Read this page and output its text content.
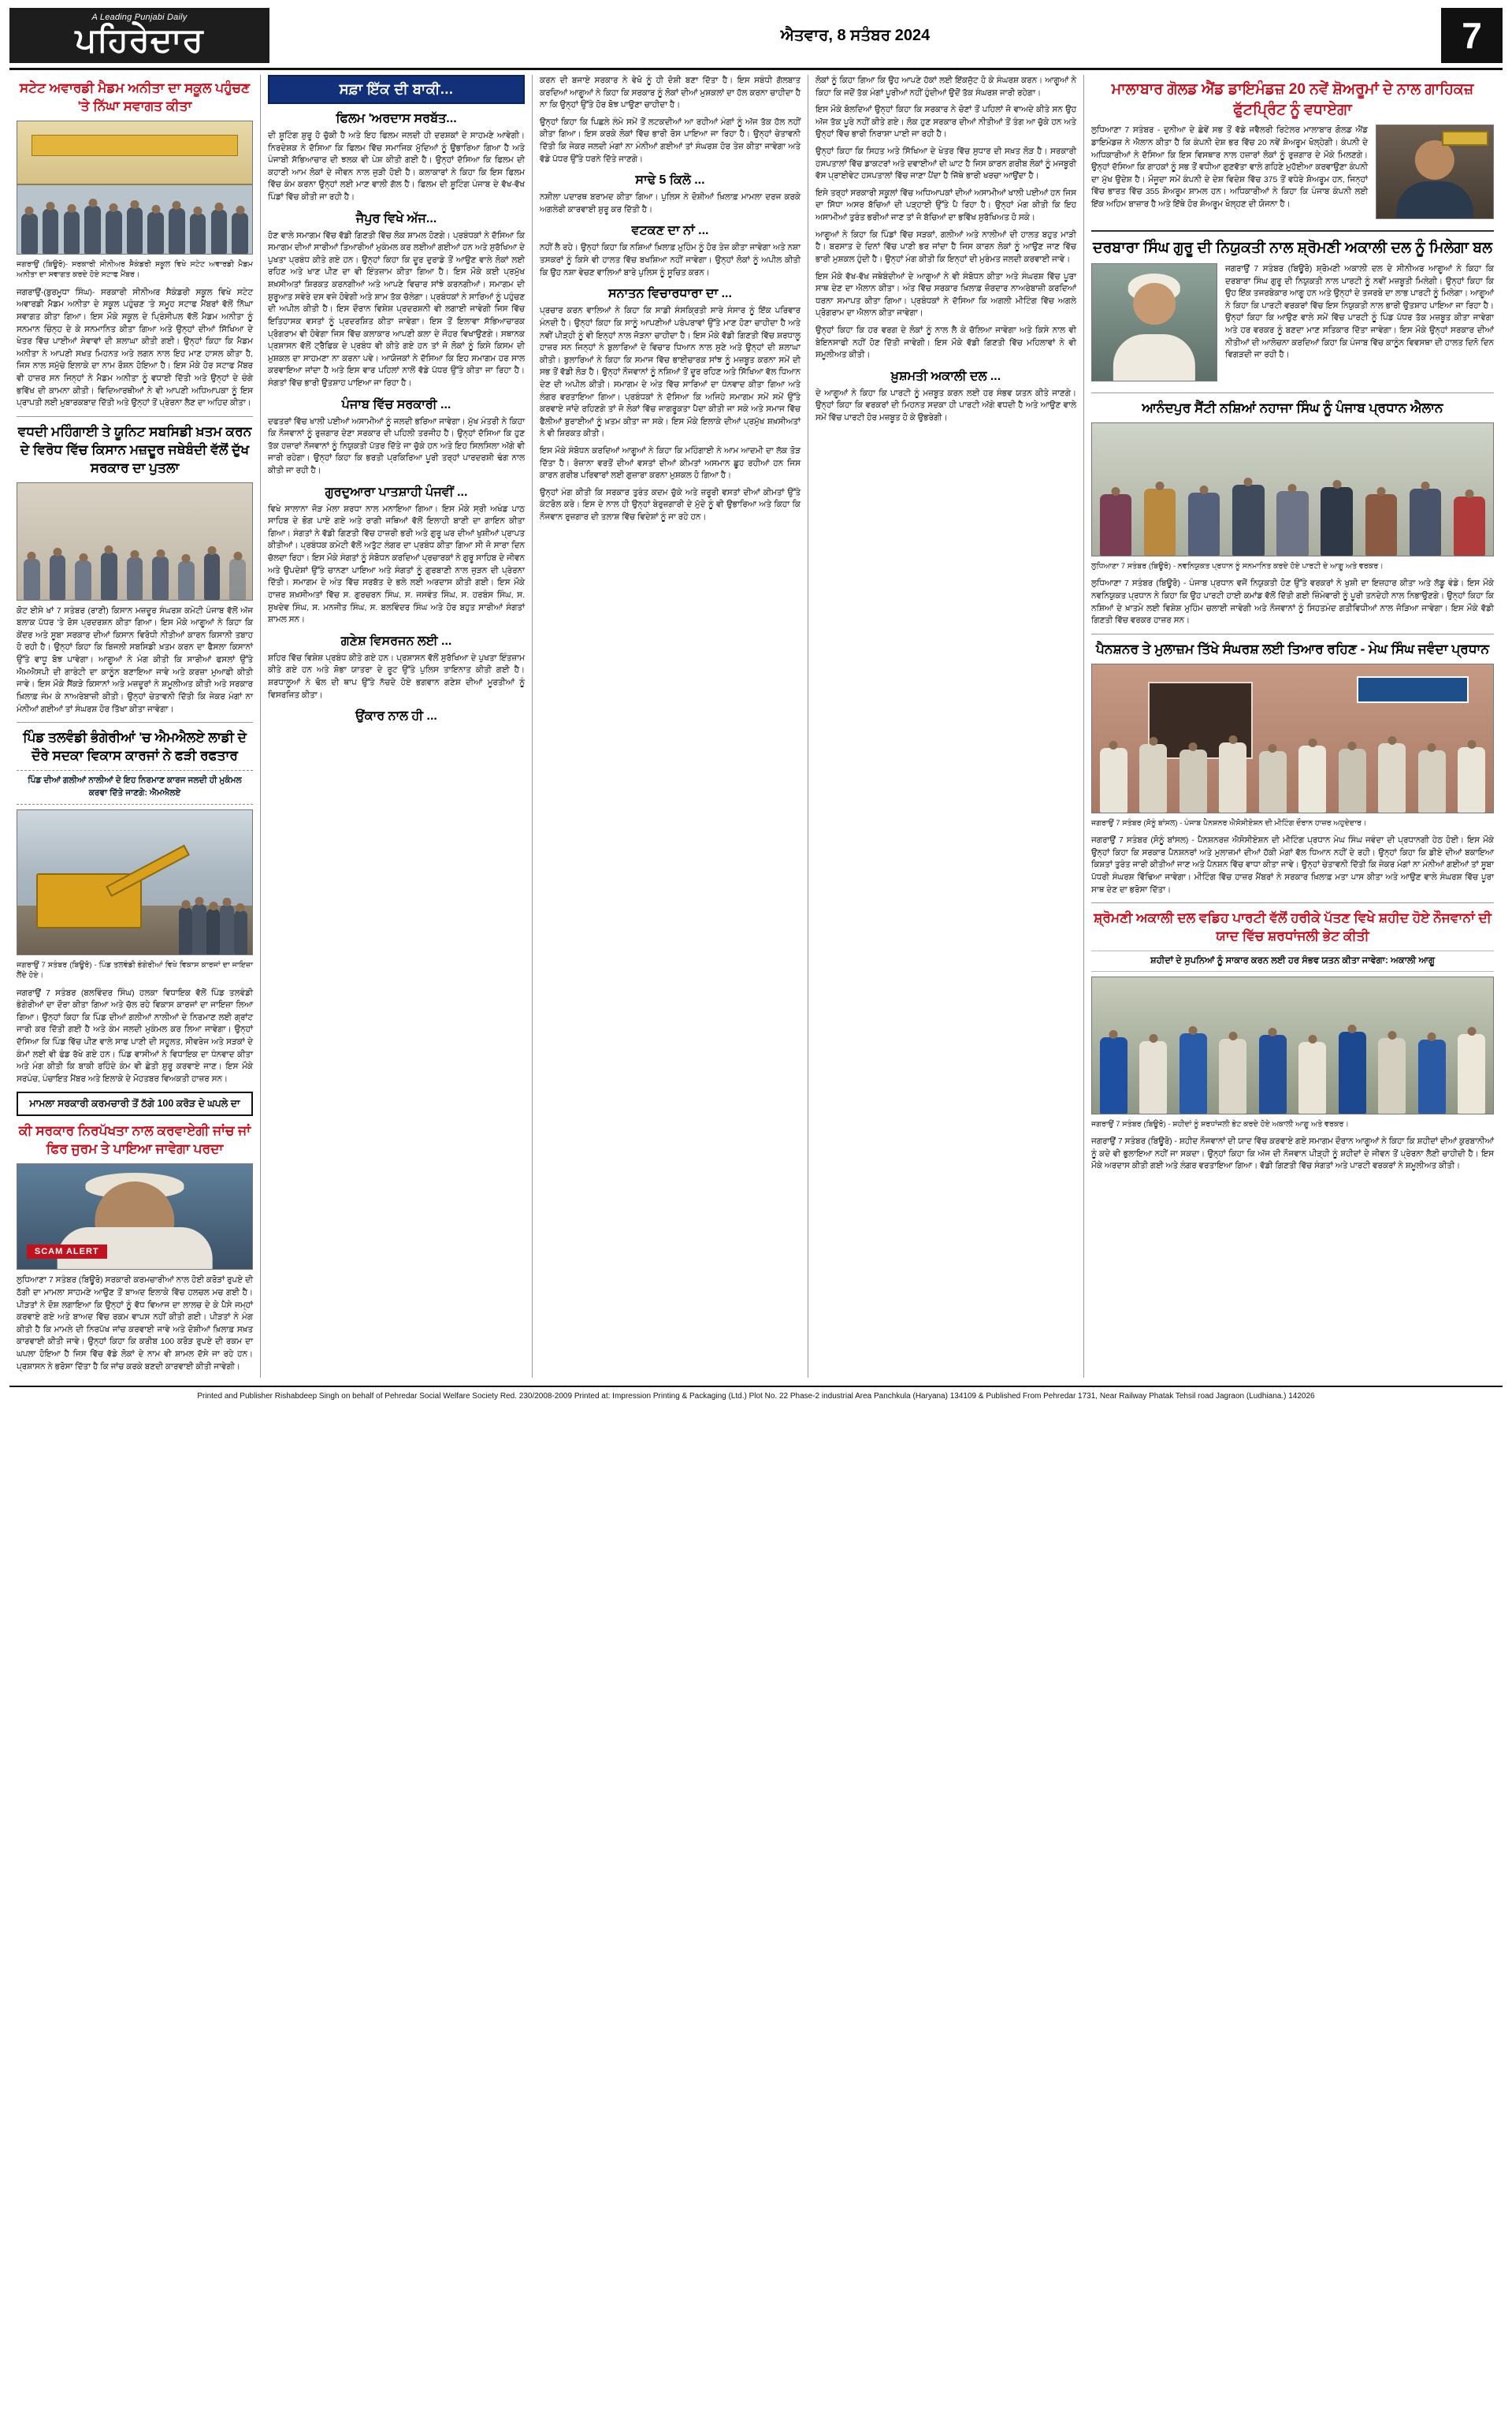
A Leading Punjabi Daily
ਪਹਿਰੇਦਾਰ	ਐਤਵਾਰ, 8 ਸਤੰਬਰ 2024	7
ਸਟੇਟ ਅਵਾਰਡੀ ਮੈਡਮ ਅਨੀਤਾ ਦਾ ਸਕੂਲ ਪਹੁੰਚਣ 'ਤੇ ਨਿੱਘਾ ਸਵਾਗਤ ਕੀਤਾ
ਜਗਰਾਉਂ (ਬਿਊਰੋ)- ਸਰਕਾਰੀ ਸੀਨੀਅਰ ਸੈਕੰਡਰੀ ਸਕੂਲ ਵਿਖੇ ਸਟੇਟ ਅਵਾਰਡੀ ਮੈਡਮ ਅਨੀਤਾ ਦਾ ਸਵਾਗਤ ਕਰਦੇ ਹੋਏ ਸਟਾਫ ਮੈਂਬਰ।

ਜਗਰਾਉਂ-(ਬੁਰਮੂਧਾ ਸਿੰਘ)- ਸਰਕਾਰੀ ਸੀਨੀਅਰ ਸੈਕੰਡਰੀ ਸਕੂਲ ਵਿਖੇ ਸਟੇਟ ਅਵਾਰਡੀ ਮੈਡਮ ਅਨੀਤਾ ਦੇ ਸਕੂਲ ਪਹੁੰਚਣ 'ਤੇ ਸਮੂਹ ਸਟਾਫ ਮੈਂਬਰਾਂ ਵੱਲੋਂ ਨਿੱਘਾ ਸਵਾਗਤ ਕੀਤਾ ਗਿਆ। ਇਸ ਮੌਕੇ ਸਕੂਲ ਦੇ ਪ੍ਰਿੰਸੀਪਲ ਵੱਲੋਂ ਮੈਡਮ ਅਨੀਤਾ ਨੂੰ ਸਨਮਾਨ ਚਿੰਨ੍ਹ ਦੇ ਕੇ ਸਨਮਾਨਿਤ ਕੀਤਾ ਗਿਆ ਅਤੇ ਉਨ੍ਹਾਂ ਦੀਆਂ ਸਿੱਖਿਆ ਦੇ ਖੇਤਰ ਵਿੱਚ ਪਾਈਆਂ ਸੇਵਾਵਾਂ ਦੀ ਸ਼ਲਾਘਾ ਕੀਤੀ ਗਈ। ਉਨ੍ਹਾਂ ਕਿਹਾ ਕਿ ਮੈਡਮ ਅਨੀਤਾ ਨੇ ਆਪਣੀ ਸਖਤ ਮਿਹਨਤ ਅਤੇ ਲਗਨ ਨਾਲ ਇਹ ਮਾਣ ਹਾਸਲ ਕੀਤਾ ਹੈ, ਜਿਸ ਨਾਲ ਸਮੁੱਚੇ ਇਲਾਕੇ ਦਾ ਨਾਮ ਰੌਸ਼ਨ ਹੋਇਆ ਹੈ। ਇਸ ਮੌਕੇ ਹੋਰ ਸਟਾਫ ਮੈਂਬਰ ਵੀ ਹਾਜ਼ਰ ਸਨ ਜਿਨ੍ਹਾਂ ਨੇ ਮੈਡਮ ਅਨੀਤਾ ਨੂੰ ਵਧਾਈ ਦਿੱਤੀ ਅਤੇ ਉਨ੍ਹਾਂ ਦੇ ਚੰਗੇ ਭਵਿੱਖ ਦੀ ਕਾਮਨਾ ਕੀਤੀ। ਵਿਦਿਆਰਥੀਆਂ ਨੇ ਵੀ ਆਪਣੀ ਅਧਿਆਪਕਾ ਨੂੰ ਇਸ ਪ੍ਰਾਪਤੀ ਲਈ ਮੁਬਾਰਕਬਾਦ ਦਿੱਤੀ ਅਤੇ ਉਨ੍ਹਾਂ ਤੋਂ ਪ੍ਰੇਰਨਾ ਲੈਣ ਦਾ ਅਹਿਦ ਕੀਤਾ।

ਵਧਦੀ ਮਹਿੰਗਾਈ ਤੇ ਯੂਨਿਟ ਸਬਸਿਡੀ ਖ਼ਤਮ ਕਰਨ ਦੇ ਵਿਰੋਧ ਵਿੱਚ ਕਿਸਾਨ ਮਜ਼ਦੂਰ ਜਥੇਬੰਦੀ ਵੱਲੋਂ ਦੁੱਖ ਸਰਕਾਰ ਦਾ ਪੁਤਲਾ

ਕੋਟ ਈਸੇ ਖਾਂ 7 ਸਤੰਬਰ (ਰਾਣੀ) ਕਿਸਾਨ ਮਜ਼ਦੂਰ ਸੰਘਰਸ਼ ਕਮੇਟੀ ਪੰਜਾਬ ਵੱਲੋਂ ਅੱਜ ਬਲਾਕ ਪੱਧਰ 'ਤੇ ਰੋਸ ਪ੍ਰਦਰਸ਼ਨ ਕੀਤਾ ਗਿਆ। ਇਸ ਮੌਕੇ ਆਗੂਆਂ ਨੇ ਕਿਹਾ ਕਿ ਕੇਂਦਰ ਅਤੇ ਸੂਬਾ ਸਰਕਾਰ ਦੀਆਂ ਕਿਸਾਨ ਵਿਰੋਧੀ ਨੀਤੀਆਂ ਕਾਰਨ ਕਿਸਾਨੀ ਤਬਾਹ ਹੋ ਰਹੀ ਹੈ। ਉਨ੍ਹਾਂ ਕਿਹਾ ਕਿ ਬਿਜਲੀ ਸਬਸਿਡੀ ਖ਼ਤਮ ਕਰਨ ਦਾ ਫੈਸਲਾ ਕਿਸਾਨਾਂ ਉੱਤੇ ਵਾਧੂ ਬੋਝ ਪਾਵੇਗਾ। ਆਗੂਆਂ ਨੇ ਮੰਗ ਕੀਤੀ ਕਿ ਸਾਰੀਆਂ ਫਸਲਾਂ ਉੱਤੇ ਐਮਐਸਪੀ ਦੀ ਗਾਰੰਟੀ ਦਾ ਕਾਨੂੰਨ ਬਣਾਇਆ ਜਾਵੇ ਅਤੇ ਕਰਜ਼ਾ ਮੁਆਫੀ ਕੀਤੀ ਜਾਵੇ। ਇਸ ਮੌਕੇ ਸੈਂਕੜੇ ਕਿਸਾਨਾਂ ਅਤੇ ਮਜ਼ਦੂਰਾਂ ਨੇ ਸ਼ਮੂਲੀਅਤ ਕੀਤੀ ਅਤੇ ਸਰਕਾਰ ਖ਼ਿਲਾਫ਼ ਜੰਮ ਕੇ ਨਾਅਰੇਬਾਜ਼ੀ ਕੀਤੀ। ਉਨ੍ਹਾਂ ਚੇਤਾਵਨੀ ਦਿੱਤੀ ਕਿ ਜੇਕਰ ਮੰਗਾਂ ਨਾ ਮੰਨੀਆਂ ਗਈਆਂ ਤਾਂ ਸੰਘਰਸ਼ ਹੋਰ ਤਿੱਖਾ ਕੀਤਾ ਜਾਵੇਗਾ।

ਪਿੰਡ ਤਲਵੰਡੀ ਭੰਗੇਰੀਆਂ 'ਚ ਐਮਐਲਏ ਲਾਡੀ ਦੇ ਦੌਰੇ ਸਦਕਾ ਵਿਕਾਸ ਕਾਰਜਾਂ ਨੇ ਫੜੀ ਰਫਤਾਰ
ਪਿੰਡ ਦੀਆਂ ਗਲੀਆਂ ਨਾਲੀਆਂ ਦੇ ਇਹ ਨਿਰਮਾਣ ਕਾਰਜ ਜਲਦੀ ਹੀ ਮੁਕੰਮਲ ਕਰਵਾ ਦਿੱਤੇ ਜਾਣਗੇ: ਐਮਐਲਏ
ਜਗਰਾਉਂ 7 ਸਤੰਬਰ (ਬਿਊਰੋ) - ਪਿੰਡ ਤਲਵੰਡੀ ਭੰਗੇਰੀਆਂ ਵਿਖੇ ਵਿਕਾਸ ਕਾਰਜਾਂ ਦਾ ਜਾਇਜ਼ਾ ਲੈਂਦੇ ਹੋਏ।

ਜਗਰਾਉਂ 7 ਸਤੰਬਰ (ਬਲਵਿੰਦਰ ਸਿੰਘ) ਹਲਕਾ ਵਿਧਾਇਕ ਵੱਲੋਂ ਪਿੰਡ ਤਲਵੰਡੀ ਭੰਗੇਰੀਆਂ ਦਾ ਦੌਰਾ ਕੀਤਾ ਗਿਆ ਅਤੇ ਚੱਲ ਰਹੇ ਵਿਕਾਸ ਕਾਰਜਾਂ ਦਾ ਜਾਇਜ਼ਾ ਲਿਆ ਗਿਆ। ਉਨ੍ਹਾਂ ਕਿਹਾ ਕਿ ਪਿੰਡ ਦੀਆਂ ਗਲੀਆਂ ਨਾਲੀਆਂ ਦੇ ਨਿਰਮਾਣ ਲਈ ਗ੍ਰਾਂਟ ਜਾਰੀ ਕਰ ਦਿੱਤੀ ਗਈ ਹੈ ਅਤੇ ਕੰਮ ਜਲਦੀ ਮੁਕੰਮਲ ਕਰ ਲਿਆ ਜਾਵੇਗਾ। ਉਨ੍ਹਾਂ ਦੱਸਿਆ ਕਿ ਪਿੰਡ ਵਿੱਚ ਪੀਣ ਵਾਲੇ ਸਾਫ ਪਾਣੀ ਦੀ ਸਹੂਲਤ, ਸੀਵਰੇਜ ਅਤੇ ਸੜਕਾਂ ਦੇ ਕੰਮਾਂ ਲਈ ਵੀ ਫੰਡ ਰੱਖੇ ਗਏ ਹਨ। ਪਿੰਡ ਵਾਸੀਆਂ ਨੇ ਵਿਧਾਇਕ ਦਾ ਧੰਨਵਾਦ ਕੀਤਾ ਅਤੇ ਮੰਗ ਕੀਤੀ ਕਿ ਬਾਕੀ ਰਹਿੰਦੇ ਕੰਮ ਵੀ ਛੇਤੀ ਸ਼ੁਰੂ ਕਰਵਾਏ ਜਾਣ। ਇਸ ਮੌਕੇ ਸਰਪੰਚ, ਪੰਚਾਇਤ ਮੈਂਬਰ ਅਤੇ ਇਲਾਕੇ ਦੇ ਮੋਹਤਬਰ ਵਿਅਕਤੀ ਹਾਜ਼ਰ ਸਨ।

ਮਾਮਲਾ ਸਰਕਾਰੀ ਕਰਮਚਾਰੀ ਤੋਂ ਠੱਗੇ 100 ਕਰੋੜ ਦੇ ਘਪਲੇ ਦਾ
ਕੀ ਸਰਕਾਰ ਨਿਰਪੱਖਤਾ ਨਾਲ ਕਰਵਾਏਗੀ ਜਾਂਚ ਜਾਂ ਫਿਰ ਜੁਰਮ ਤੇ ਪਾਇਆ ਜਾਵੇਗਾ ਪਰਦਾ
SCAM ALERT

ਲੁਧਿਆਣਾ 7 ਸਤੰਬਰ (ਬਿਊਰੋ) ਸਰਕਾਰੀ ਕਰਮਚਾਰੀਆਂ ਨਾਲ ਹੋਈ ਕਰੋੜਾਂ ਰੁਪਏ ਦੀ ਠੱਗੀ ਦਾ ਮਾਮਲਾ ਸਾਹਮਣੇ ਆਉਣ ਤੋਂ ਬਾਅਦ ਇਲਾਕੇ ਵਿੱਚ ਹਲਚਲ ਮਚ ਗਈ ਹੈ। ਪੀੜਤਾਂ ਨੇ ਦੋਸ਼ ਲਗਾਇਆ ਕਿ ਉਨ੍ਹਾਂ ਨੂੰ ਵੱਧ ਵਿਆਜ ਦਾ ਲਾਲਚ ਦੇ ਕੇ ਪੈਸੇ ਜਮ੍ਹਾਂ ਕਰਵਾਏ ਗਏ ਅਤੇ ਬਾਅਦ ਵਿੱਚ ਰਕਮ ਵਾਪਸ ਨਹੀਂ ਕੀਤੀ ਗਈ। ਪੀੜਤਾਂ ਨੇ ਮੰਗ ਕੀਤੀ ਹੈ ਕਿ ਮਾਮਲੇ ਦੀ ਨਿਰਪੱਖ ਜਾਂਚ ਕਰਵਾਈ ਜਾਵੇ ਅਤੇ ਦੋਸ਼ੀਆਂ ਖ਼ਿਲਾਫ਼ ਸਖ਼ਤ ਕਾਰਵਾਈ ਕੀਤੀ ਜਾਵੇ। ਉਨ੍ਹਾਂ ਕਿਹਾ ਕਿ ਕਰੀਬ 100 ਕਰੋੜ ਰੁਪਏ ਦੀ ਰਕਮ ਦਾ ਘਪਲਾ ਹੋਇਆ ਹੈ ਜਿਸ ਵਿੱਚ ਵੱਡੇ ਲੋਕਾਂ ਦੇ ਨਾਮ ਵੀ ਸ਼ਾਮਲ ਦੱਸੇ ਜਾ ਰਹੇ ਹਨ। ਪ੍ਰਸ਼ਾਸਨ ਨੇ ਭਰੋਸਾ ਦਿੱਤਾ ਹੈ ਕਿ ਜਾਂਚ ਕਰਕੇ ਬਣਦੀ ਕਾਰਵਾਈ ਕੀਤੀ ਜਾਵੇਗੀ।

ਸਫ਼ਾ ਇੱਕ ਦੀ ਬਾਕੀ...
ਫਿਲਮ 'ਅਰਦਾਸ ਸਰਬੱਤ...

ਦੀ ਸ਼ੂਟਿੰਗ ਸ਼ੁਰੂ ਹੋ ਚੁੱਕੀ ਹੈ ਅਤੇ ਇਹ ਫਿਲਮ ਜਲਦੀ ਹੀ ਦਰਸ਼ਕਾਂ ਦੇ ਸਾਹਮਣੇ ਆਵੇਗੀ। ਨਿਰਦੇਸ਼ਕ ਨੇ ਦੱਸਿਆ ਕਿ ਫਿਲਮ ਵਿੱਚ ਸਮਾਜਿਕ ਮੁੱਦਿਆਂ ਨੂੰ ਉਭਾਰਿਆ ਗਿਆ ਹੈ ਅਤੇ ਪੰਜਾਬੀ ਸੱਭਿਆਚਾਰ ਦੀ ਝਲਕ ਵੀ ਪੇਸ਼ ਕੀਤੀ ਗਈ ਹੈ। ਉਨ੍ਹਾਂ ਦੱਸਿਆ ਕਿ ਫਿਲਮ ਦੀ ਕਹਾਣੀ ਆਮ ਲੋਕਾਂ ਦੇ ਜੀਵਨ ਨਾਲ ਜੁੜੀ ਹੋਈ ਹੈ। ਕਲਾਕਾਰਾਂ ਨੇ ਕਿਹਾ ਕਿ ਇਸ ਫਿਲਮ ਵਿੱਚ ਕੰਮ ਕਰਨਾ ਉਨ੍ਹਾਂ ਲਈ ਮਾਣ ਵਾਲੀ ਗੱਲ ਹੈ। ਫਿਲਮ ਦੀ ਸ਼ੂਟਿੰਗ ਪੰਜਾਬ ਦੇ ਵੱਖ-ਵੱਖ ਪਿੰਡਾਂ ਵਿੱਚ ਕੀਤੀ ਜਾ ਰਹੀ ਹੈ।

ਜੈਪੁਰ ਵਿਖੇ ਅੱਜ...

ਹੋਣ ਵਾਲੇ ਸਮਾਗਮ ਵਿੱਚ ਵੱਡੀ ਗਿਣਤੀ ਵਿੱਚ ਲੋਕ ਸ਼ਾਮਲ ਹੋਣਗੇ। ਪ੍ਰਬੰਧਕਾਂ ਨੇ ਦੱਸਿਆ ਕਿ ਸਮਾਗਮ ਦੀਆਂ ਸਾਰੀਆਂ ਤਿਆਰੀਆਂ ਮੁਕੰਮਲ ਕਰ ਲਈਆਂ ਗਈਆਂ ਹਨ ਅਤੇ ਸੁਰੱਖਿਆ ਦੇ ਪੁਖਤਾ ਪ੍ਰਬੰਧ ਕੀਤੇ ਗਏ ਹਨ। ਉਨ੍ਹਾਂ ਕਿਹਾ ਕਿ ਦੂਰ ਦੁਰਾਡੇ ਤੋਂ ਆਉਣ ਵਾਲੇ ਲੋਕਾਂ ਲਈ ਰਹਿਣ ਅਤੇ ਖਾਣ ਪੀਣ ਦਾ ਵੀ ਇੰਤਜ਼ਾਮ ਕੀਤਾ ਗਿਆ ਹੈ। ਇਸ ਮੌਕੇ ਕਈ ਪ੍ਰਮੁੱਖ ਸ਼ਖ਼ਸੀਅਤਾਂ ਸ਼ਿਰਕਤ ਕਰਨਗੀਆਂ ਅਤੇ ਆਪਣੇ ਵਿਚਾਰ ਸਾਂਝੇ ਕਰਨਗੀਆਂ। ਸਮਾਗਮ ਦੀ ਸ਼ੁਰੂਆਤ ਸਵੇਰੇ ਦਸ ਵਜੇ ਹੋਵੇਗੀ ਅਤੇ ਸ਼ਾਮ ਤੱਕ ਚੱਲੇਗਾ। ਪ੍ਰਬੰਧਕਾਂ ਨੇ ਸਾਰਿਆਂ ਨੂੰ ਪਹੁੰਚਣ ਦੀ ਅਪੀਲ ਕੀਤੀ ਹੈ। ਇਸ ਦੌਰਾਨ ਵਿਸ਼ੇਸ਼ ਪ੍ਰਦਰਸ਼ਨੀ ਵੀ ਲਗਾਈ ਜਾਵੇਗੀ ਜਿਸ ਵਿੱਚ ਇਤਿਹਾਸਕ ਵਸਤਾਂ ਨੂੰ ਪ੍ਰਦਰਸ਼ਿਤ ਕੀਤਾ ਜਾਵੇਗਾ। ਇਸ ਤੋਂ ਇਲਾਵਾ ਸੱਭਿਆਚਾਰਕ ਪ੍ਰੋਗਰਾਮ ਵੀ ਹੋਵੇਗਾ ਜਿਸ ਵਿੱਚ ਕਲਾਕਾਰ ਆਪਣੀ ਕਲਾ ਦੇ ਜੌਹਰ ਵਿਖਾਉਣਗੇ। ਸਥਾਨਕ ਪ੍ਰਸ਼ਾਸਨ ਵੱਲੋਂ ਟ੍ਰੈਫਿਕ ਦੇ ਪ੍ਰਬੰਧ ਵੀ ਕੀਤੇ ਗਏ ਹਨ ਤਾਂ ਜੋ ਲੋਕਾਂ ਨੂੰ ਕਿਸੇ ਕਿਸਮ ਦੀ ਮੁਸ਼ਕਲ ਦਾ ਸਾਹਮਣਾ ਨਾ ਕਰਨਾ ਪਵੇ। ਆਯੋਜਕਾਂ ਨੇ ਦੱਸਿਆ ਕਿ ਇਹ ਸਮਾਗਮ ਹਰ ਸਾਲ ਕਰਵਾਇਆ ਜਾਂਦਾ ਹੈ ਅਤੇ ਇਸ ਵਾਰ ਪਹਿਲਾਂ ਨਾਲੋਂ ਵੱਡੇ ਪੱਧਰ ਉੱਤੇ ਕੀਤਾ ਜਾ ਰਿਹਾ ਹੈ। ਸੰਗਤਾਂ ਵਿੱਚ ਭਾਰੀ ਉਤਸ਼ਾਹ ਪਾਇਆ ਜਾ ਰਿਹਾ ਹੈ।

ਪੰਜਾਬ ਵਿੱਚ ਸਰਕਾਰੀ ...

ਦਫਤਰਾਂ ਵਿੱਚ ਖਾਲੀ ਪਈਆਂ ਅਸਾਮੀਆਂ ਨੂੰ ਜਲਦੀ ਭਰਿਆ ਜਾਵੇਗਾ। ਮੁੱਖ ਮੰਤਰੀ ਨੇ ਕਿਹਾ ਕਿ ਨੌਜਵਾਨਾਂ ਨੂੰ ਰੁਜ਼ਗਾਰ ਦੇਣਾ ਸਰਕਾਰ ਦੀ ਪਹਿਲੀ ਤਰਜੀਹ ਹੈ। ਉਨ੍ਹਾਂ ਦੱਸਿਆ ਕਿ ਹੁਣ ਤੱਕ ਹਜ਼ਾਰਾਂ ਨੌਜਵਾਨਾਂ ਨੂੰ ਨਿਯੁਕਤੀ ਪੱਤਰ ਦਿੱਤੇ ਜਾ ਚੁੱਕੇ ਹਨ ਅਤੇ ਇਹ ਸਿਲਸਿਲਾ ਅੱਗੇ ਵੀ ਜਾਰੀ ਰਹੇਗਾ। ਉਨ੍ਹਾਂ ਕਿਹਾ ਕਿ ਭਰਤੀ ਪ੍ਰਕਿਰਿਆ ਪੂਰੀ ਤਰ੍ਹਾਂ ਪਾਰਦਰਸ਼ੀ ਢੰਗ ਨਾਲ ਕੀਤੀ ਜਾ ਰਹੀ ਹੈ।

ਗੁਰਦੁਆਰਾ ਪਾਤਸ਼ਾਹੀ ਪੰਜਵੀਂ ...

ਵਿਖੇ ਸਾਲਾਨਾ ਜੋੜ ਮੇਲਾ ਸ਼ਰਧਾ ਨਾਲ ਮਨਾਇਆ ਗਿਆ। ਇਸ ਮੌਕੇ ਸ੍ਰੀ ਅਖੰਡ ਪਾਠ ਸਾਹਿਬ ਦੇ ਭੋਗ ਪਾਏ ਗਏ ਅਤੇ ਰਾਗੀ ਜਥਿਆਂ ਵੱਲੋਂ ਇਲਾਹੀ ਬਾਣੀ ਦਾ ਗਾਇਨ ਕੀਤਾ ਗਿਆ। ਸੰਗਤਾਂ ਨੇ ਵੱਡੀ ਗਿਣਤੀ ਵਿੱਚ ਹਾਜ਼ਰੀ ਭਰੀ ਅਤੇ ਗੁਰੂ ਘਰ ਦੀਆਂ ਖੁਸ਼ੀਆਂ ਪ੍ਰਾਪਤ ਕੀਤੀਆਂ। ਪ੍ਰਬੰਧਕ ਕਮੇਟੀ ਵੱਲੋਂ ਅਤੁੱਟ ਲੰਗਰ ਦਾ ਪ੍ਰਬੰਧ ਕੀਤਾ ਗਿਆ ਸੀ ਜੋ ਸਾਰਾ ਦਿਨ ਚੱਲਦਾ ਰਿਹਾ। ਇਸ ਮੌਕੇ ਸੰਗਤਾਂ ਨੂੰ ਸੰਬੋਧਨ ਕਰਦਿਆਂ ਪ੍ਰਚਾਰਕਾਂ ਨੇ ਗੁਰੂ ਸਾਹਿਬ ਦੇ ਜੀਵਨ ਅਤੇ ਉਪਦੇਸ਼ਾਂ ਉੱਤੇ ਚਾਨਣਾ ਪਾਇਆ ਅਤੇ ਸੰਗਤਾਂ ਨੂੰ ਗੁਰਬਾਣੀ ਨਾਲ ਜੁੜਨ ਦੀ ਪ੍ਰੇਰਨਾ ਦਿੱਤੀ। ਸਮਾਗਮ ਦੇ ਅੰਤ ਵਿੱਚ ਸਰਬੱਤ ਦੇ ਭਲੇ ਲਈ ਅਰਦਾਸ ਕੀਤੀ ਗਈ। ਇਸ ਮੌਕੇ ਹਾਜ਼ਰ ਸ਼ਖ਼ਸੀਅਤਾਂ ਵਿੱਚ ਸ. ਗੁਰਚਰਨ ਸਿੰਘ, ਸ. ਜਸਵੰਤ ਸਿੰਘ, ਸ. ਹਰਬੰਸ ਸਿੰਘ, ਸ. ਸੁਖਦੇਵ ਸਿੰਘ, ਸ. ਮਨਜੀਤ ਸਿੰਘ, ਸ. ਬਲਵਿੰਦਰ ਸਿੰਘ ਅਤੇ ਹੋਰ ਬਹੁਤ ਸਾਰੀਆਂ ਸੰਗਤਾਂ ਸ਼ਾਮਲ ਸਨ।

ਗਣੇਸ਼ ਵਿਸਰਜਨ ਲਈ ...

ਸ਼ਹਿਰ ਵਿੱਚ ਵਿਸ਼ੇਸ਼ ਪ੍ਰਬੰਧ ਕੀਤੇ ਗਏ ਹਨ। ਪ੍ਰਸ਼ਾਸਨ ਵੱਲੋਂ ਸੁਰੱਖਿਆ ਦੇ ਪੁਖਤਾ ਇੰਤਜ਼ਾਮ ਕੀਤੇ ਗਏ ਹਨ ਅਤੇ ਸ਼ੋਭਾ ਯਾਤਰਾ ਦੇ ਰੂਟ ਉੱਤੇ ਪੁਲਿਸ ਤਾਇਨਾਤ ਕੀਤੀ ਗਈ ਹੈ। ਸ਼ਰਧਾਲੂਆਂ ਨੇ ਢੋਲ ਦੀ ਥਾਪ ਉੱਤੇ ਨੱਚਦੇ ਹੋਏ ਭਗਵਾਨ ਗਣੇਸ਼ ਦੀਆਂ ਮੂਰਤੀਆਂ ਨੂੰ ਵਿਸਰਜਿਤ ਕੀਤਾ।

ਉਂਕਾਰ ਨਾਲ ਹੀ ...

ਕਰਨ ਦੀ ਬਜਾਏ ਸਰਕਾਰ ਨੇ ਵੇਖੋ ਨੂੰ ਹੀ ਦੋਸ਼ੀ ਬਣਾ ਦਿੱਤਾ ਹੈ। ਇਸ ਸਬੰਧੀ ਗੱਲਬਾਤ ਕਰਦਿਆਂ ਆਗੂਆਂ ਨੇ ਕਿਹਾ ਕਿ ਸਰਕਾਰ ਨੂੰ ਲੋਕਾਂ ਦੀਆਂ ਮੁਸ਼ਕਲਾਂ ਦਾ ਹੱਲ ਕਰਨਾ ਚਾਹੀਦਾ ਹੈ ਨਾ ਕਿ ਉਨ੍ਹਾਂ ਉੱਤੇ ਹੋਰ ਬੋਝ ਪਾਉਣਾ ਚਾਹੀਦਾ ਹੈ।

ਉਨ੍ਹਾਂ ਕਿਹਾ ਕਿ ਪਿਛਲੇ ਲੰਮੇ ਸਮੇਂ ਤੋਂ ਲਟਕਦੀਆਂ ਆ ਰਹੀਆਂ ਮੰਗਾਂ ਨੂੰ ਅੱਜ ਤੱਕ ਹੱਲ ਨਹੀਂ ਕੀਤਾ ਗਿਆ। ਇਸ ਕਰਕੇ ਲੋਕਾਂ ਵਿੱਚ ਭਾਰੀ ਰੋਸ ਪਾਇਆ ਜਾ ਰਿਹਾ ਹੈ। ਉਨ੍ਹਾਂ ਚੇਤਾਵਨੀ ਦਿੱਤੀ ਕਿ ਜੇਕਰ ਜਲਦੀ ਮੰਗਾਂ ਨਾ ਮੰਨੀਆਂ ਗਈਆਂ ਤਾਂ ਸੰਘਰਸ਼ ਹੋਰ ਤੇਜ਼ ਕੀਤਾ ਜਾਵੇਗਾ ਅਤੇ ਵੱਡੇ ਪੱਧਰ ਉੱਤੇ ਧਰਨੇ ਦਿੱਤੇ ਜਾਣਗੇ।

ਸਾਢੇ 5 ਕਿਲੋ ...

ਨਸ਼ੀਲਾ ਪਦਾਰਥ ਬਰਾਮਦ ਕੀਤਾ ਗਿਆ। ਪੁਲਿਸ ਨੇ ਦੋਸ਼ੀਆਂ ਖ਼ਿਲਾਫ਼ ਮਾਮਲਾ ਦਰਜ ਕਰਕੇ ਅਗਲੇਰੀ ਕਾਰਵਾਈ ਸ਼ੁਰੂ ਕਰ ਦਿੱਤੀ ਹੈ।

ਵਟਕਣ ਦਾ ਨਾਂ ...

ਨਹੀਂ ਲੈ ਰਹੇ। ਉਨ੍ਹਾਂ ਕਿਹਾ ਕਿ ਨਸ਼ਿਆਂ ਖ਼ਿਲਾਫ਼ ਮੁਹਿੰਮ ਨੂੰ ਹੋਰ ਤੇਜ਼ ਕੀਤਾ ਜਾਵੇਗਾ ਅਤੇ ਨਸ਼ਾ ਤਸਕਰਾਂ ਨੂੰ ਕਿਸੇ ਵੀ ਹਾਲਤ ਵਿੱਚ ਬਖਸ਼ਿਆ ਨਹੀਂ ਜਾਵੇਗਾ। ਉਨ੍ਹਾਂ ਲੋਕਾਂ ਨੂੰ ਅਪੀਲ ਕੀਤੀ ਕਿ ਉਹ ਨਸ਼ਾ ਵੇਚਣ ਵਾਲਿਆਂ ਬਾਰੇ ਪੁਲਿਸ ਨੂੰ ਸੂਚਿਤ ਕਰਨ।

ਸਨਾਤਨ ਵਿਚਾਰਧਾਰਾ ਦਾ ...

ਪ੍ਰਚਾਰ ਕਰਨ ਵਾਲਿਆਂ ਨੇ ਕਿਹਾ ਕਿ ਸਾਡੀ ਸੰਸਕ੍ਰਿਤੀ ਸਾਰੇ ਸੰਸਾਰ ਨੂੰ ਇੱਕ ਪਰਿਵਾਰ ਮੰਨਦੀ ਹੈ। ਉਨ੍ਹਾਂ ਕਿਹਾ ਕਿ ਸਾਨੂੰ ਆਪਣੀਆਂ ਪਰੰਪਰਾਵਾਂ ਉੱਤੇ ਮਾਣ ਹੋਣਾ ਚਾਹੀਦਾ ਹੈ ਅਤੇ ਨਵੀਂ ਪੀੜ੍ਹੀ ਨੂੰ ਵੀ ਇਨ੍ਹਾਂ ਨਾਲ ਜੋੜਨਾ ਚਾਹੀਦਾ ਹੈ। ਇਸ ਮੌਕੇ ਵੱਡੀ ਗਿਣਤੀ ਵਿੱਚ ਸ਼ਰਧਾਲੂ ਹਾਜ਼ਰ ਸਨ ਜਿਨ੍ਹਾਂ ਨੇ ਬੁਲਾਰਿਆਂ ਦੇ ਵਿਚਾਰ ਧਿਆਨ ਨਾਲ ਸੁਣੇ ਅਤੇ ਉਨ੍ਹਾਂ ਦੀ ਸ਼ਲਾਘਾ ਕੀਤੀ। ਬੁਲਾਰਿਆਂ ਨੇ ਕਿਹਾ ਕਿ ਸਮਾਜ ਵਿੱਚ ਭਾਈਚਾਰਕ ਸਾਂਝ ਨੂੰ ਮਜ਼ਬੂਤ ਕਰਨਾ ਸਮੇਂ ਦੀ ਸਭ ਤੋਂ ਵੱਡੀ ਲੋੜ ਹੈ। ਉਨ੍ਹਾਂ ਨੌਜਵਾਨਾਂ ਨੂੰ ਨਸ਼ਿਆਂ ਤੋਂ ਦੂਰ ਰਹਿਣ ਅਤੇ ਸਿੱਖਿਆ ਵੱਲ ਧਿਆਨ ਦੇਣ ਦੀ ਅਪੀਲ ਕੀਤੀ। ਸਮਾਗਮ ਦੇ ਅੰਤ ਵਿੱਚ ਸਾਰਿਆਂ ਦਾ ਧੰਨਵਾਦ ਕੀਤਾ ਗਿਆ ਅਤੇ ਲੰਗਰ ਵਰਤਾਇਆ ਗਿਆ। ਪ੍ਰਬੰਧਕਾਂ ਨੇ ਦੱਸਿਆ ਕਿ ਅਜਿਹੇ ਸਮਾਗਮ ਸਮੇਂ ਸਮੇਂ ਉੱਤੇ ਕਰਵਾਏ ਜਾਂਦੇ ਰਹਿਣਗੇ ਤਾਂ ਜੋ ਲੋਕਾਂ ਵਿੱਚ ਜਾਗਰੂਕਤਾ ਪੈਦਾ ਕੀਤੀ ਜਾ ਸਕੇ ਅਤੇ ਸਮਾਜ ਵਿੱਚ ਫੈਲੀਆਂ ਬੁਰਾਈਆਂ ਨੂੰ ਖ਼ਤਮ ਕੀਤਾ ਜਾ ਸਕੇ। ਇਸ ਮੌਕੇ ਇਲਾਕੇ ਦੀਆਂ ਪ੍ਰਮੁੱਖ ਸ਼ਖ਼ਸੀਅਤਾਂ ਨੇ ਵੀ ਸ਼ਿਰਕਤ ਕੀਤੀ।

ਇਸ ਮੌਕੇ ਸੰਬੋਧਨ ਕਰਦਿਆਂ ਆਗੂਆਂ ਨੇ ਕਿਹਾ ਕਿ ਮਹਿੰਗਾਈ ਨੇ ਆਮ ਆਦਮੀ ਦਾ ਲੱਕ ਤੋੜ ਦਿੱਤਾ ਹੈ। ਰੋਜ਼ਾਨਾ ਵਰਤੋਂ ਦੀਆਂ ਵਸਤਾਂ ਦੀਆਂ ਕੀਮਤਾਂ ਅਸਮਾਨ ਛੂਹ ਰਹੀਆਂ ਹਨ ਜਿਸ ਕਾਰਨ ਗਰੀਬ ਪਰਿਵਾਰਾਂ ਲਈ ਗੁਜ਼ਾਰਾ ਕਰਨਾ ਮੁਸ਼ਕਲ ਹੋ ਗਿਆ ਹੈ।

ਉਨ੍ਹਾਂ ਮੰਗ ਕੀਤੀ ਕਿ ਸਰਕਾਰ ਤੁਰੰਤ ਕਦਮ ਚੁੱਕੇ ਅਤੇ ਜ਼ਰੂਰੀ ਵਸਤਾਂ ਦੀਆਂ ਕੀਮਤਾਂ ਉੱਤੇ ਕੰਟਰੋਲ ਕਰੇ। ਇਸ ਦੇ ਨਾਲ ਹੀ ਉਨ੍ਹਾਂ ਬੇਰੁਜ਼ਗਾਰੀ ਦੇ ਮੁੱਦੇ ਨੂੰ ਵੀ ਉਭਾਰਿਆ ਅਤੇ ਕਿਹਾ ਕਿ ਨੌਜਵਾਨ ਰੁਜ਼ਗਾਰ ਦੀ ਤਲਾਸ਼ ਵਿੱਚ ਵਿਦੇਸ਼ਾਂ ਨੂੰ ਜਾ ਰਹੇ ਹਨ।

ਲੋਕਾਂ ਨੂੰ ਕਿਹਾ ਗਿਆ ਕਿ ਉਹ ਆਪਣੇ ਹੱਕਾਂ ਲਈ ਇੱਕਜੁੱਟ ਹੋ ਕੇ ਸੰਘਰਸ਼ ਕਰਨ। ਆਗੂਆਂ ਨੇ ਕਿਹਾ ਕਿ ਜਦੋਂ ਤੱਕ ਮੰਗਾਂ ਪੂਰੀਆਂ ਨਹੀਂ ਹੁੰਦੀਆਂ ਉਦੋਂ ਤੱਕ ਸੰਘਰਸ਼ ਜਾਰੀ ਰਹੇਗਾ।

ਇਸ ਮੌਕੇ ਬੋਲਦਿਆਂ ਉਨ੍ਹਾਂ ਕਿਹਾ ਕਿ ਸਰਕਾਰ ਨੇ ਚੋਣਾਂ ਤੋਂ ਪਹਿਲਾਂ ਜੋ ਵਾਅਦੇ ਕੀਤੇ ਸਨ ਉਹ ਅੱਜ ਤੱਕ ਪੂਰੇ ਨਹੀਂ ਕੀਤੇ ਗਏ। ਲੋਕ ਹੁਣ ਸਰਕਾਰ ਦੀਆਂ ਨੀਤੀਆਂ ਤੋਂ ਤੰਗ ਆ ਚੁੱਕੇ ਹਨ ਅਤੇ ਉਨ੍ਹਾਂ ਵਿੱਚ ਭਾਰੀ ਨਿਰਾਸ਼ਾ ਪਾਈ ਜਾ ਰਹੀ ਹੈ।

ਉਨ੍ਹਾਂ ਕਿਹਾ ਕਿ ਸਿਹਤ ਅਤੇ ਸਿੱਖਿਆ ਦੇ ਖੇਤਰ ਵਿੱਚ ਸੁਧਾਰ ਦੀ ਸਖ਼ਤ ਲੋੜ ਹੈ। ਸਰਕਾਰੀ ਹਸਪਤਾਲਾਂ ਵਿੱਚ ਡਾਕਟਰਾਂ ਅਤੇ ਦਵਾਈਆਂ ਦੀ ਘਾਟ ਹੈ ਜਿਸ ਕਾਰਨ ਗਰੀਬ ਲੋਕਾਂ ਨੂੰ ਮਜਬੂਰੀ ਵੱਸ ਪ੍ਰਾਈਵੇਟ ਹਸਪਤਾਲਾਂ ਵਿੱਚ ਜਾਣਾ ਪੈਂਦਾ ਹੈ ਜਿੱਥੇ ਭਾਰੀ ਖਰਚਾ ਆਉਂਦਾ ਹੈ।

ਇਸੇ ਤਰ੍ਹਾਂ ਸਰਕਾਰੀ ਸਕੂਲਾਂ ਵਿੱਚ ਅਧਿਆਪਕਾਂ ਦੀਆਂ ਅਸਾਮੀਆਂ ਖਾਲੀ ਪਈਆਂ ਹਨ ਜਿਸ ਦਾ ਸਿੱਧਾ ਅਸਰ ਬੱਚਿਆਂ ਦੀ ਪੜ੍ਹਾਈ ਉੱਤੇ ਪੈ ਰਿਹਾ ਹੈ। ਉਨ੍ਹਾਂ ਮੰਗ ਕੀਤੀ ਕਿ ਇਹ ਅਸਾਮੀਆਂ ਤੁਰੰਤ ਭਰੀਆਂ ਜਾਣ ਤਾਂ ਜੋ ਬੱਚਿਆਂ ਦਾ ਭਵਿੱਖ ਸੁਰੱਖਿਅਤ ਹੋ ਸਕੇ।

ਆਗੂਆਂ ਨੇ ਕਿਹਾ ਕਿ ਪਿੰਡਾਂ ਵਿੱਚ ਸੜਕਾਂ, ਗਲੀਆਂ ਅਤੇ ਨਾਲੀਆਂ ਦੀ ਹਾਲਤ ਬਹੁਤ ਮਾੜੀ ਹੈ। ਬਰਸਾਤ ਦੇ ਦਿਨਾਂ ਵਿੱਚ ਪਾਣੀ ਭਰ ਜਾਂਦਾ ਹੈ ਜਿਸ ਕਾਰਨ ਲੋਕਾਂ ਨੂੰ ਆਉਣ ਜਾਣ ਵਿੱਚ ਭਾਰੀ ਮੁਸ਼ਕਲ ਹੁੰਦੀ ਹੈ। ਉਨ੍ਹਾਂ ਮੰਗ ਕੀਤੀ ਕਿ ਇਨ੍ਹਾਂ ਦੀ ਮੁਰੰਮਤ ਜਲਦੀ ਕਰਵਾਈ ਜਾਵੇ।

ਇਸ ਮੌਕੇ ਵੱਖ-ਵੱਖ ਜਥੇਬੰਦੀਆਂ ਦੇ ਆਗੂਆਂ ਨੇ ਵੀ ਸੰਬੋਧਨ ਕੀਤਾ ਅਤੇ ਸੰਘਰਸ਼ ਵਿੱਚ ਪੂਰਾ ਸਾਥ ਦੇਣ ਦਾ ਐਲਾਨ ਕੀਤਾ। ਅੰਤ ਵਿੱਚ ਸਰਕਾਰ ਖ਼ਿਲਾਫ਼ ਜ਼ੋਰਦਾਰ ਨਾਅਰੇਬਾਜ਼ੀ ਕਰਦਿਆਂ ਧਰਨਾ ਸਮਾਪਤ ਕੀਤਾ ਗਿਆ। ਪ੍ਰਬੰਧਕਾਂ ਨੇ ਦੱਸਿਆ ਕਿ ਅਗਲੀ ਮੀਟਿੰਗ ਵਿੱਚ ਅਗਲੇ ਪ੍ਰੋਗਰਾਮ ਦਾ ਐਲਾਨ ਕੀਤਾ ਜਾਵੇਗਾ।

ਉਨ੍ਹਾਂ ਕਿਹਾ ਕਿ ਹਰ ਵਰਗ ਦੇ ਲੋਕਾਂ ਨੂੰ ਨਾਲ ਲੈ ਕੇ ਚੱਲਿਆ ਜਾਵੇਗਾ ਅਤੇ ਕਿਸੇ ਨਾਲ ਵੀ ਬੇਇਨਸਾਫੀ ਨਹੀਂ ਹੋਣ ਦਿੱਤੀ ਜਾਵੇਗੀ। ਇਸ ਮੌਕੇ ਵੱਡੀ ਗਿਣਤੀ ਵਿੱਚ ਮਹਿਲਾਵਾਂ ਨੇ ਵੀ ਸ਼ਮੂਲੀਅਤ ਕੀਤੀ।

ਖ਼ੁਸ਼ਮਤੀ ਅਕਾਲੀ ਦਲ ...

ਦੇ ਆਗੂਆਂ ਨੇ ਕਿਹਾ ਕਿ ਪਾਰਟੀ ਨੂੰ ਮਜ਼ਬੂਤ ਕਰਨ ਲਈ ਹਰ ਸੰਭਵ ਯਤਨ ਕੀਤੇ ਜਾਣਗੇ। ਉਨ੍ਹਾਂ ਕਿਹਾ ਕਿ ਵਰਕਰਾਂ ਦੀ ਮਿਹਨਤ ਸਦਕਾ ਹੀ ਪਾਰਟੀ ਅੱਗੇ ਵਧਦੀ ਹੈ ਅਤੇ ਆਉਣ ਵਾਲੇ ਸਮੇਂ ਵਿੱਚ ਪਾਰਟੀ ਹੋਰ ਮਜ਼ਬੂਤ ਹੋ ਕੇ ਉਭਰੇਗੀ।

ਮਾਲਾਬਾਰ ਗੋਲਡ ਐਂਡ ਡਾਇਮੰਡਜ਼ 20 ਨਵੇਂ ਸ਼ੋਅਰੂਮਾਂ ਦੇ ਨਾਲ ਗਾਹਿਕਜ਼ ਫੁੱਟਪ੍ਰਿੰਟ ਨੂੰ ਵਧਾਏਗਾ

ਲੁਧਿਆਣਾ 7 ਸਤੰਬਰ - ਦੁਨੀਆ ਦੇ ਛੇਵੇਂ ਸਭ ਤੋਂ ਵੱਡੇ ਜਵੈਲਰੀ ਰਿਟੇਲਰ ਮਾਲਾਬਾਰ ਗੋਲਡ ਐਂਡ ਡਾਇਮੰਡਜ਼ ਨੇ ਐਲਾਨ ਕੀਤਾ ਹੈ ਕਿ ਕੰਪਨੀ ਦੇਸ਼ ਭਰ ਵਿੱਚ 20 ਨਵੇਂ ਸ਼ੋਅਰੂਮ ਖੋਲ੍ਹੇਗੀ। ਕੰਪਨੀ ਦੇ ਅਧਿਕਾਰੀਆਂ ਨੇ ਦੱਸਿਆ ਕਿ ਇਸ ਵਿਸਥਾਰ ਨਾਲ ਹਜ਼ਾਰਾਂ ਲੋਕਾਂ ਨੂੰ ਰੁਜ਼ਗਾਰ ਦੇ ਮੌਕੇ ਮਿਲਣਗੇ। ਉਨ੍ਹਾਂ ਦੱਸਿਆ ਕਿ ਗਾਹਕਾਂ ਨੂੰ ਸਭ ਤੋਂ ਵਧੀਆ ਗੁਣਵੱਤਾ ਵਾਲੇ ਗਹਿਣੇ ਮੁਹੱਈਆ ਕਰਵਾਉਣਾ ਕੰਪਨੀ ਦਾ ਮੁੱਖ ਉਦੇਸ਼ ਹੈ। ਮੌਜੂਦਾ ਸਮੇਂ ਕੰਪਨੀ ਦੇ ਦੇਸ਼ ਵਿਦੇਸ਼ ਵਿੱਚ 375 ਤੋਂ ਵਧੇਰੇ ਸ਼ੋਅਰੂਮ ਹਨ, ਜਿਨ੍ਹਾਂ ਵਿੱਚ ਭਾਰਤ ਵਿੱਚ 355 ਸ਼ੋਅਰੂਮ ਸ਼ਾਮਲ ਹਨ। ਅਧਿਕਾਰੀਆਂ ਨੇ ਕਿਹਾ ਕਿ ਪੰਜਾਬ ਕੰਪਨੀ ਲਈ ਇੱਕ ਅਹਿਮ ਬਾਜ਼ਾਰ ਹੈ ਅਤੇ ਇੱਥੇ ਹੋਰ ਸ਼ੋਅਰੂਮ ਖੋਲ੍ਹਣ ਦੀ ਯੋਜਨਾ ਹੈ।

ਦਰਬਾਰਾ ਸਿੰਘ ਗੁਰੂ ਦੀ ਨਿਯੁਕਤੀ ਨਾਲ ਸ਼੍ਰੋਮਣੀ ਅਕਾਲੀ ਦਲ ਨੂੰ ਮਿਲੇਗਾ ਬਲ

ਜਗਰਾਉਂ 7 ਸਤੰਬਰ (ਬਿਊਰੋ) ਸ਼੍ਰੋਮਣੀ ਅਕਾਲੀ ਦਲ ਦੇ ਸੀਨੀਅਰ ਆਗੂਆਂ ਨੇ ਕਿਹਾ ਕਿ ਦਰਬਾਰਾ ਸਿੰਘ ਗੁਰੂ ਦੀ ਨਿਯੁਕਤੀ ਨਾਲ ਪਾਰਟੀ ਨੂੰ ਨਵੀਂ ਮਜ਼ਬੂਤੀ ਮਿਲੇਗੀ। ਉਨ੍ਹਾਂ ਕਿਹਾ ਕਿ ਉਹ ਇੱਕ ਤਜਰਬੇਕਾਰ ਆਗੂ ਹਨ ਅਤੇ ਉਨ੍ਹਾਂ ਦੇ ਤਜਰਬੇ ਦਾ ਲਾਭ ਪਾਰਟੀ ਨੂੰ ਮਿਲੇਗਾ। ਆਗੂਆਂ ਨੇ ਕਿਹਾ ਕਿ ਪਾਰਟੀ ਵਰਕਰਾਂ ਵਿੱਚ ਇਸ ਨਿਯੁਕਤੀ ਨਾਲ ਭਾਰੀ ਉਤਸ਼ਾਹ ਪਾਇਆ ਜਾ ਰਿਹਾ ਹੈ। ਉਨ੍ਹਾਂ ਕਿਹਾ ਕਿ ਆਉਣ ਵਾਲੇ ਸਮੇਂ ਵਿੱਚ ਪਾਰਟੀ ਨੂੰ ਪਿੰਡ ਪੱਧਰ ਤੱਕ ਮਜ਼ਬੂਤ ਕੀਤਾ ਜਾਵੇਗਾ ਅਤੇ ਹਰ ਵਰਕਰ ਨੂੰ ਬਣਦਾ ਮਾਣ ਸਤਿਕਾਰ ਦਿੱਤਾ ਜਾਵੇਗਾ। ਇਸ ਮੌਕੇ ਉਨ੍ਹਾਂ ਸਰਕਾਰ ਦੀਆਂ ਨੀਤੀਆਂ ਦੀ ਆਲੋਚਨਾ ਕਰਦਿਆਂ ਕਿਹਾ ਕਿ ਪੰਜਾਬ ਵਿੱਚ ਕਾਨੂੰਨ ਵਿਵਸਥਾ ਦੀ ਹਾਲਤ ਦਿਨੋ ਦਿਨ ਵਿਗੜਦੀ ਜਾ ਰਹੀ ਹੈ।

ਆਨੰਦਪੁਰ ਸੈਂਟੀ ਨਸ਼ਿਆਂ ਨਹਾਜਾ ਸਿੰਘ ਨੂੰ ਪੰਜਾਬ ਪ੍ਰਧਾਨ ਐਲਾਨ
ਲੁਧਿਆਣਾ 7 ਸਤੰਬਰ (ਬਿਊਰੋ) - ਨਵਨਿਯੁਕਤ ਪ੍ਰਧਾਨ ਨੂੰ ਸਨਮਾਨਿਤ ਕਰਦੇ ਹੋਏ ਪਾਰਟੀ ਦੇ ਆਗੂ ਅਤੇ ਵਰਕਰ।

ਲੁਧਿਆਣਾ 7 ਸਤੰਬਰ (ਬਿਊਰੋ) - ਪੰਜਾਬ ਪ੍ਰਧਾਨ ਵਜੋਂ ਨਿਯੁਕਤੀ ਹੋਣ ਉੱਤੇ ਵਰਕਰਾਂ ਨੇ ਖੁਸ਼ੀ ਦਾ ਇਜ਼ਹਾਰ ਕੀਤਾ ਅਤੇ ਲੱਡੂ ਵੰਡੇ। ਇਸ ਮੌਕੇ ਨਵਨਿਯੁਕਤ ਪ੍ਰਧਾਨ ਨੇ ਕਿਹਾ ਕਿ ਉਹ ਪਾਰਟੀ ਹਾਈ ਕਮਾਂਡ ਵੱਲੋਂ ਦਿੱਤੀ ਗਈ ਜ਼ਿੰਮੇਵਾਰੀ ਨੂੰ ਪੂਰੀ ਤਨਦੇਹੀ ਨਾਲ ਨਿਭਾਉਣਗੇ। ਉਨ੍ਹਾਂ ਕਿਹਾ ਕਿ ਨਸ਼ਿਆਂ ਦੇ ਖ਼ਾਤਮੇ ਲਈ ਵਿਸ਼ੇਸ਼ ਮੁਹਿੰਮ ਚਲਾਈ ਜਾਵੇਗੀ ਅਤੇ ਨੌਜਵਾਨਾਂ ਨੂੰ ਸਿਹਤਮੰਦ ਗਤੀਵਿਧੀਆਂ ਨਾਲ ਜੋੜਿਆ ਜਾਵੇਗਾ। ਇਸ ਮੌਕੇ ਵੱਡੀ ਗਿਣਤੀ ਵਿੱਚ ਵਰਕਰ ਹਾਜ਼ਰ ਸਨ।

ਪੈਨਸ਼ਨਰ ਤੇ ਮੁਲਾਜ਼ਮ ਤਿੱਖੇ ਸੰਘਰਸ਼ ਲਈ ਤਿਆਰ ਰਹਿਣ - ਮੇਘ ਸਿੰਘ ਜਵੰਦਾ ਪ੍ਰਧਾਨ
ਜਗਰਾਉਂ 7 ਸਤੰਬਰ (ਸੋਨੂੰ ਬਾਂਸਲ) - ਪੰਜਾਬ ਪੈਨਸ਼ਨਰ ਐਸੋਸੀਏਸ਼ਨ ਦੀ ਮੀਟਿੰਗ ਦੌਰਾਨ ਹਾਜ਼ਰ ਅਹੁਦੇਦਾਰ।

ਜਗਰਾਉਂ 7 ਸਤੰਬਰ (ਸੋਨੂੰ ਬਾਂਸਲ) - ਪੈਨਸ਼ਨਰਜ਼ ਐਸੋਸੀਏਸ਼ਨ ਦੀ ਮੀਟਿੰਗ ਪ੍ਰਧਾਨ ਮੇਘ ਸਿੰਘ ਜਵੰਦਾ ਦੀ ਪ੍ਰਧਾਨਗੀ ਹੇਠ ਹੋਈ। ਇਸ ਮੌਕੇ ਉਨ੍ਹਾਂ ਕਿਹਾ ਕਿ ਸਰਕਾਰ ਪੈਨਸ਼ਨਰਾਂ ਅਤੇ ਮੁਲਾਜ਼ਮਾਂ ਦੀਆਂ ਹੱਕੀ ਮੰਗਾਂ ਵੱਲ ਧਿਆਨ ਨਹੀਂ ਦੇ ਰਹੀ। ਉਨ੍ਹਾਂ ਕਿਹਾ ਕਿ ਡੀਏ ਦੀਆਂ ਬਕਾਇਆ ਕਿਸ਼ਤਾਂ ਤੁਰੰਤ ਜਾਰੀ ਕੀਤੀਆਂ ਜਾਣ ਅਤੇ ਪੈਨਸ਼ਨ ਵਿੱਚ ਵਾਧਾ ਕੀਤਾ ਜਾਵੇ। ਉਨ੍ਹਾਂ ਚੇਤਾਵਨੀ ਦਿੱਤੀ ਕਿ ਜੇਕਰ ਮੰਗਾਂ ਨਾ ਮੰਨੀਆਂ ਗਈਆਂ ਤਾਂ ਸੂਬਾ ਪੱਧਰੀ ਸੰਘਰਸ਼ ਵਿੱਢਿਆ ਜਾਵੇਗਾ। ਮੀਟਿੰਗ ਵਿੱਚ ਹਾਜ਼ਰ ਮੈਂਬਰਾਂ ਨੇ ਸਰਕਾਰ ਖ਼ਿਲਾਫ਼ ਮਤਾ ਪਾਸ ਕੀਤਾ ਅਤੇ ਆਉਣ ਵਾਲੇ ਸੰਘਰਸ਼ ਵਿੱਚ ਪੂਰਾ ਸਾਥ ਦੇਣ ਦਾ ਭਰੋਸਾ ਦਿੱਤਾ।

ਸ਼੍ਰੋਮਣੀ ਅਕਾਲੀ ਦਲ ਵਡਿਹ ਪਾਰਟੀ ਵੱਲੋਂ ਹਰੀਕੇ ਪੱਤਣ ਵਿਖੇ ਸ਼ਹੀਦ ਹੋਏ ਨੌਜਵਾਨਾਂ ਦੀ ਯਾਦ ਵਿੱਚ ਸ਼ਰਧਾਂਜਲੀ ਭੇਟ ਕੀਤੀ
ਸ਼ਹੀਦਾਂ ਦੇ ਸੁਪਨਿਆਂ ਨੂੰ ਸਾਕਾਰ ਕਰਨ ਲਈ ਹਰ ਸੰਭਵ ਯਤਨ ਕੀਤਾ ਜਾਵੇਗਾ: ਅਕਾਲੀ ਆਗੂ
ਜਗਰਾਉਂ 7 ਸਤੰਬਰ (ਬਿਊਰੋ) - ਸ਼ਹੀਦਾਂ ਨੂੰ ਸ਼ਰਧਾਂਜਲੀ ਭੇਟ ਕਰਦੇ ਹੋਏ ਅਕਾਲੀ ਆਗੂ ਅਤੇ ਵਰਕਰ।

ਜਗਰਾਉਂ 7 ਸਤੰਬਰ (ਬਿਊਰੋ) - ਸ਼ਹੀਦ ਨੌਜਵਾਨਾਂ ਦੀ ਯਾਦ ਵਿੱਚ ਕਰਵਾਏ ਗਏ ਸਮਾਗਮ ਦੌਰਾਨ ਆਗੂਆਂ ਨੇ ਕਿਹਾ ਕਿ ਸ਼ਹੀਦਾਂ ਦੀਆਂ ਕੁਰਬਾਨੀਆਂ ਨੂੰ ਕਦੇ ਵੀ ਭੁਲਾਇਆ ਨਹੀਂ ਜਾ ਸਕਦਾ। ਉਨ੍ਹਾਂ ਕਿਹਾ ਕਿ ਅੱਜ ਦੀ ਨੌਜਵਾਨ ਪੀੜ੍ਹੀ ਨੂੰ ਸ਼ਹੀਦਾਂ ਦੇ ਜੀਵਨ ਤੋਂ ਪ੍ਰੇਰਨਾ ਲੈਣੀ ਚਾਹੀਦੀ ਹੈ। ਇਸ ਮੌਕੇ ਅਰਦਾਸ ਕੀਤੀ ਗਈ ਅਤੇ ਲੰਗਰ ਵਰਤਾਇਆ ਗਿਆ। ਵੱਡੀ ਗਿਣਤੀ ਵਿੱਚ ਸੰਗਤਾਂ ਅਤੇ ਪਾਰਟੀ ਵਰਕਰਾਂ ਨੇ ਸ਼ਮੂਲੀਅਤ ਕੀਤੀ।

Printed and Publisher Rishabdeep Singh on behalf of Pehredar Social Welfare Society Red. 230/2008-2009 Printed at: Impression Printing & Packaging (Ltd.) Plot No. 22 Phase-2 industrial Area Panchkula (Haryana) 134109 & Published From Pehredar 1731, Near Railway Phatak Tehsil road Jagraon (Ludhiana.) 142026
